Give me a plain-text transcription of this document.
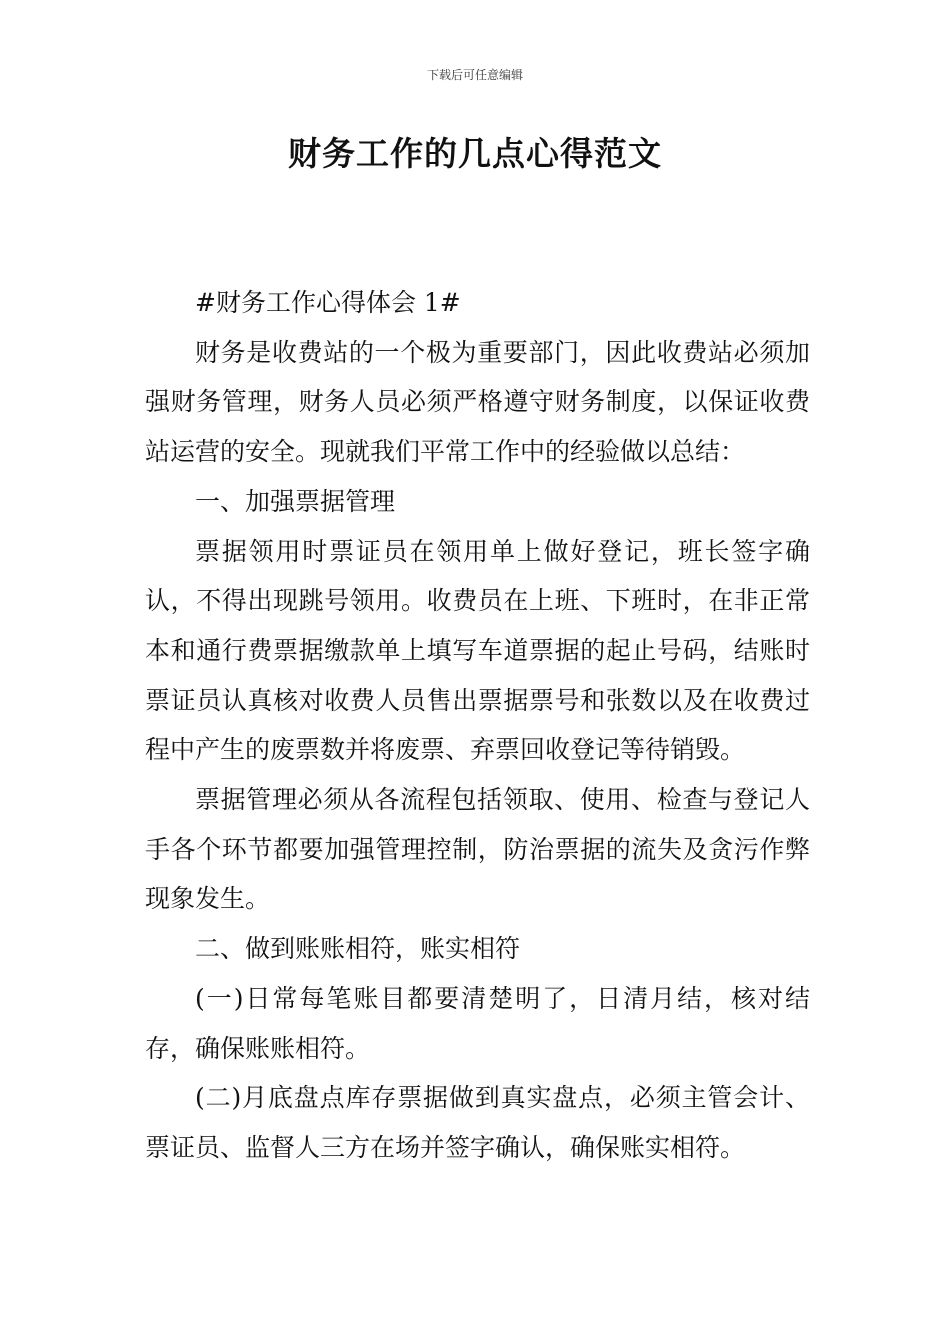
下载后可任意编辑
财务工作的几点心得范文

#财务工作心得体会 1#

财务是收费站的一个极为重要部门，因此收费站必须加强财务管理，财务人员必须严格遵守财务制度，以保证收费站运营的安全。现就我们平常工作中的经验做以总结：

一、加强票据管理

票据领用时票证员在领用单上做好登记，班长签字确认，不得出现跳号领用。收费员在上班、下班时，在非正常本和通行费票据缴款单上填写车道票据的起止号码，结账时票证员认真核对收费人员售出票据票号和张数以及在收费过程中产生的废票数并将废票、弃票回收登记等待销毁。

票据管理必须从各流程包括领取、使用、检查与登记人手各个环节都要加强管理控制，防治票据的流失及贪污作弊现象发生。

二、做到账账相符，账实相符

(一)日常每笔账目都要清楚明了，日清月结，核对结存，确保账账相符。

(二)月底盘点库存票据做到真实盘点，必须主管会计、票证员、监督人三方在场并签字确认，确保账实相符。
